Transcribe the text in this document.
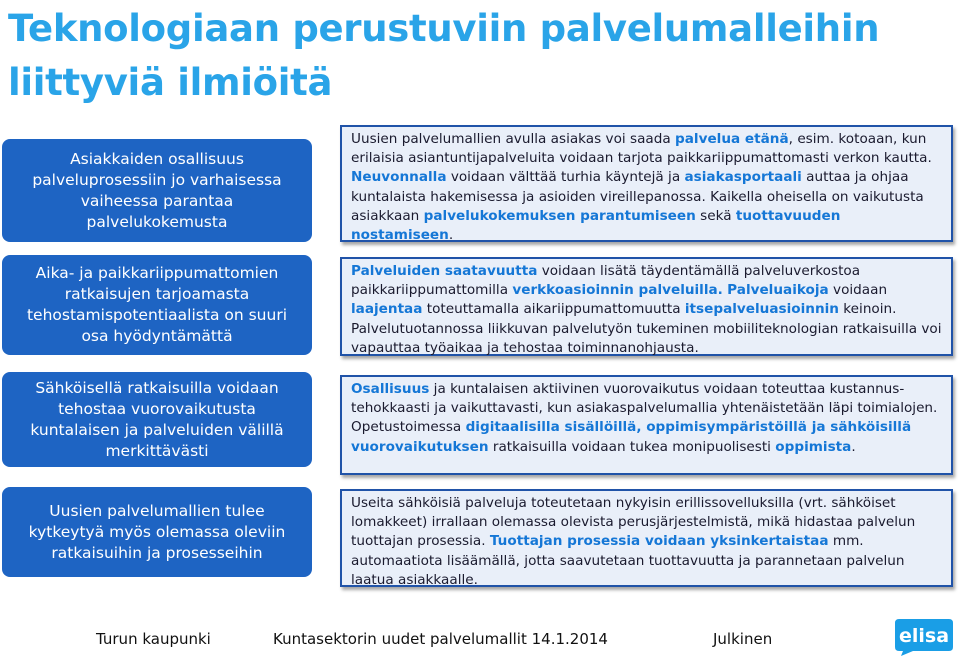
Teknologiaan perustuviin palvelumalleihin liittyviä ilmiöitä
Asiakkaiden osallisuus palveluprosessiin jo varhaisessa vaiheessa parantaa palvelukokemusta
Aika- ja paikkariippumattomien ratkaisujen tarjoamasta tehostamispotentiaalista on suuri osa hyödyntämättä
Sähköisellä ratkaisuilla voidaan tehostaa vuorovaikutusta kuntalaisen ja palveluiden välillä merkittävästi
Uusien palvelumallien tulee kytkeytyä myös olemassa oleviin ratkaisuihin ja prosesseihin
Uusien palvelumallien avulla asiakas voi saada palvelua etänä, esim. kotoaan, kun erilaisia asiantuntijapalveluita voidaan tarjota paikkariippumattomasti verkon kautta. Neuvonnalla voidaan välttää turhia käyntejä ja asiakasportaali auttaa ja ohjaa kuntalaista hakemisessa ja asioiden vireillepanossa. Kaikella oheisella on vaikutusta asiakkaan palvelukokemuksen parantumiseen sekä tuottavuuden nostamiseen.
Palveluiden saatavuutta voidaan lisätä täydentämällä palveluverkostoa paikkariippumattomilla verkkoasioinnin palveluilla. Palveluaikoja voidaan laajentaa toteuttamalla aikariippumattomuutta itsepalveluasioinnin keinoin. Palvelutuotannossa liikkuvan palvelutyön tukeminen mobiiliteknologian ratkaisuilla voi vapauttaa työaikaa ja tehostaa toiminnanohjausta.
Osallisuus ja kuntalaisen aktiivinen vuorovaikutus voidaan toteuttaa kustannus-tehokkaasti ja vaikuttavasti, kun asiakaspalvelumallia yhtenäistetään läpi toimialojen. Opetustoimessa digitaalisilla sisällöillä, oppimisympäristöillä ja sähköisillä vuorovaikutuksen ratkaisuilla voidaan tukea monipuolisesti oppimista.
Useita sähköisiä palveluja toteutetaan nykyisin erillissovelluksilla (vrt. sähköiset lomakkeet) irrallaan olemassa olevista perusjärjestelmistä, mikä hidastaa palvelun tuottajan prosessia. Tuottajan prosessia voidaan yksinkertaistaa mm. automaatiota lisäämällä, jotta saavutetaan tuottavuutta ja parannetaan palvelun laatua asiakkaalle.
Turun kaupunki	Kuntasektorin uudet palvelumallit 14.1.2014	Julkinen	elisa
